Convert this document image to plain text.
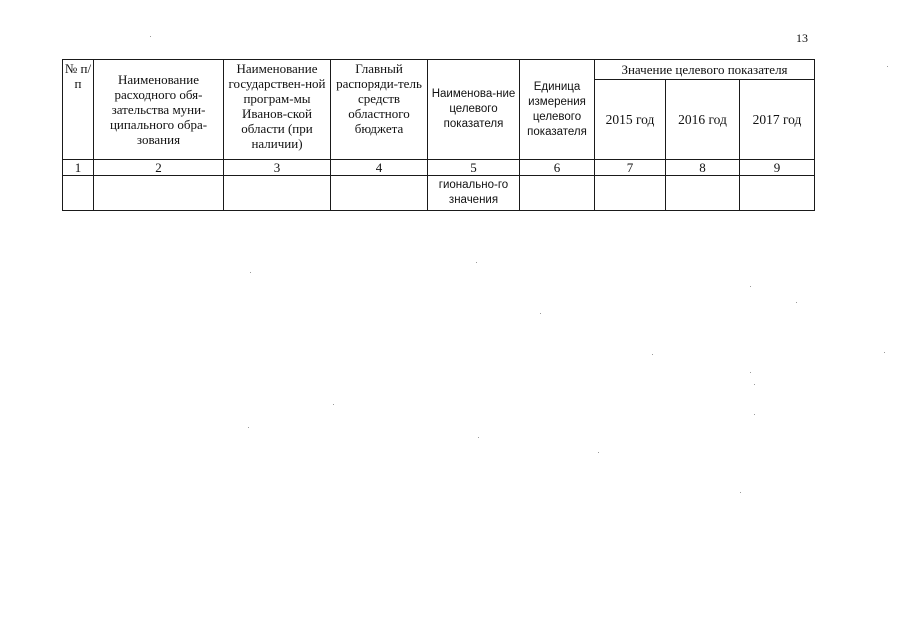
13
№ п/п	Наименование расходного обя-зательства муни-ципального обра-зования	Наименование государствен-ной програм-мы Иванов-ской области (при наличии)	Главный распоряди-тель средств областного бюджета	Наименова-ние целевого показателя	Единица измерения целевого показателя	Значение целевого показателя		
						2015 год	2016 год	2017 год
1	2	3	4	5	6	7	8	9
				гионально-го значения				
